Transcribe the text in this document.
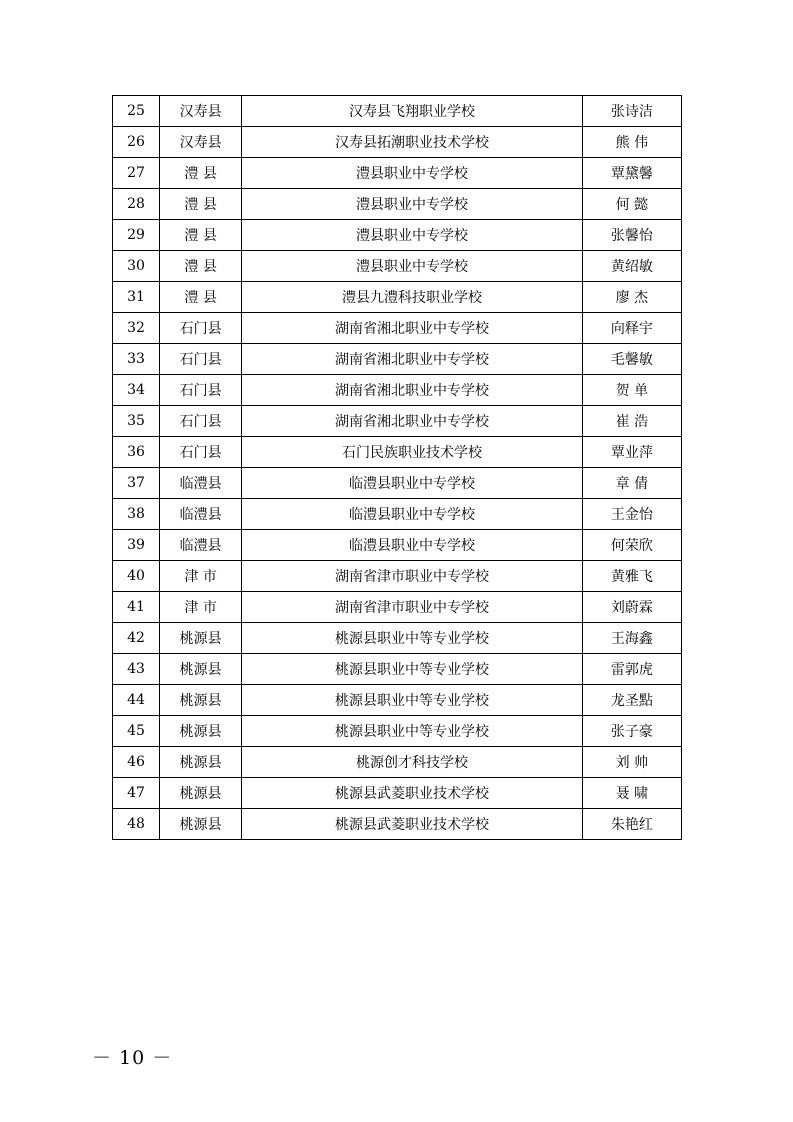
25	汉寿县	汉寿县飞翔职业学校	张诗洁
26	汉寿县	汉寿县拓潮职业技术学校	熊 伟
27	澧 县	澧县职业中专学校	覃黛馨
28	澧 县	澧县职业中专学校	何 懿
29	澧 县	澧县职业中专学校	张馨怡
30	澧 县	澧县职业中专学校	黄绍敏
31	澧 县	澧县九澧科技职业学校	廖 杰
32	石门县	湖南省湘北职业中专学校	向释宇
33	石门县	湖南省湘北职业中专学校	毛馨敏
34	石门县	湖南省湘北职业中专学校	贺 单
35	石门县	湖南省湘北职业中专学校	崔 浩
36	石门县	石门民族职业技术学校	覃业萍
37	临澧县	临澧县职业中专学校	章 倩
38	临澧县	临澧县职业中专学校	王金怡
39	临澧县	临澧县职业中专学校	何荣欣
40	津 市	湖南省津市职业中专学校	黄雅飞
41	津 市	湖南省津市职业中专学校	刘蔚霖
42	桃源县	桃源县职业中等专业学校	王海鑫
43	桃源县	桃源县职业中等专业学校	雷郭虎
44	桃源县	桃源县职业中等专业学校	龙圣點
45	桃源县	桃源县职业中等专业学校	张子豪
46	桃源县	桃源创才科技学校	刘 帅
47	桃源县	桃源县武菱职业技术学校	聂 啸
48	桃源县	桃源县武菱职业技术学校	朱艳红
－ 10 －
